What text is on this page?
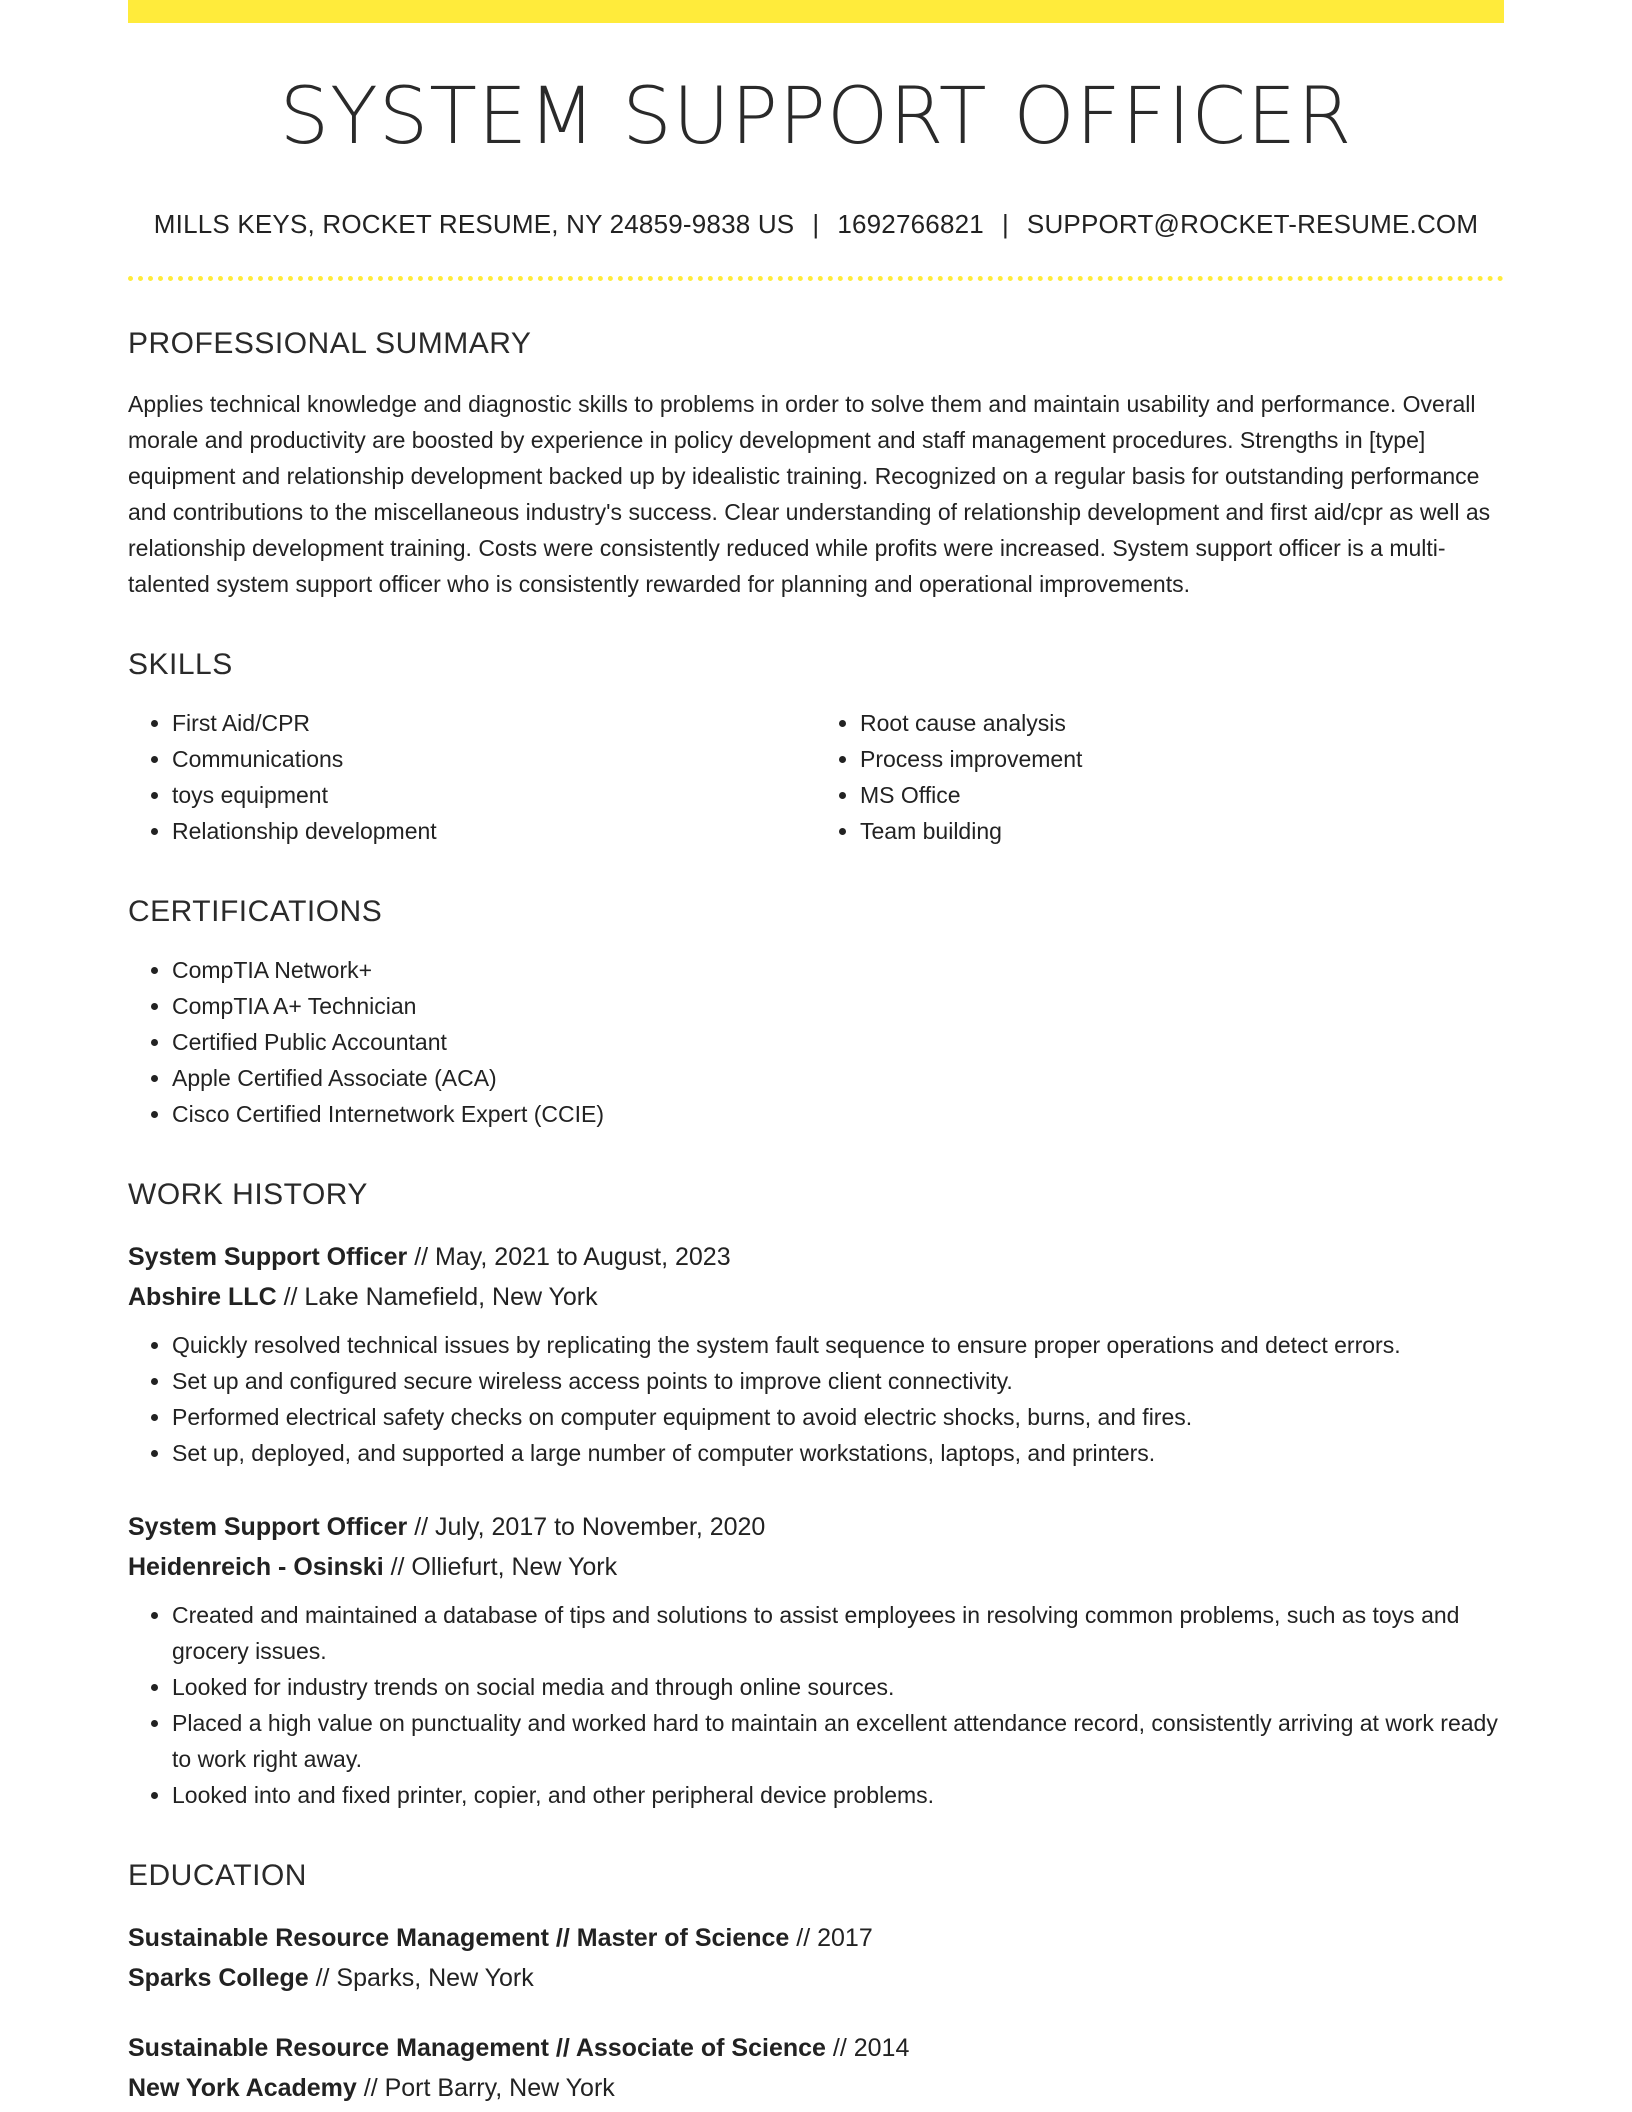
SYSTEM SUPPORT OFFICER
MILLS KEYS, ROCKET RESUME, NY 24859-9838 US | 1692766821 | SUPPORT@ROCKET-RESUME.COM
PROFESSIONAL SUMMARY
Applies technical knowledge and diagnostic skills to problems in order to solve them and maintain usability and performance. Overall morale and productivity are boosted by experience in policy development and staff management procedures. Strengths in [type] equipment and relationship development backed up by idealistic training. Recognized on a regular basis for outstanding performance and contributions to the miscellaneous industry's success. Clear understanding of relationship development and first aid/cpr as well as relationship development training. Costs were consistently reduced while profits were increased. System support officer is a multi-talented system support officer who is consistently rewarded for planning and operational improvements.
SKILLS
• First Aid/CPR
• Communications
• toys equipment
• Relationship development
• Root cause analysis
• Process improvement
• MS Office
• Team building
CERTIFICATIONS
• CompTIA Network+
• CompTIA A+ Technician
• Certified Public Accountant
• Apple Certified Associate (ACA)
• Cisco Certified Internetwork Expert (CCIE)
WORK HISTORY
System Support Officer // May, 2021 to August, 2023
Abshire LLC // Lake Namefield, New York
• Quickly resolved technical issues by replicating the system fault sequence to ensure proper operations and detect errors.
• Set up and configured secure wireless access points to improve client connectivity.
• Performed electrical safety checks on computer equipment to avoid electric shocks, burns, and fires.
• Set up, deployed, and supported a large number of computer workstations, laptops, and printers.
System Support Officer // July, 2017 to November, 2020
Heidenreich - Osinski // Olliefurt, New York
• Created and maintained a database of tips and solutions to assist employees in resolving common problems, such as toys and grocery issues.
• Looked for industry trends on social media and through online sources.
• Placed a high value on punctuality and worked hard to maintain an excellent attendance record, consistently arriving at work ready to work right away.
• Looked into and fixed printer, copier, and other peripheral device problems.
EDUCATION
Sustainable Resource Management // Master of Science // 2017
Sparks College // Sparks, New York
Sustainable Resource Management // Associate of Science // 2014
New York Academy // Port Barry, New York
